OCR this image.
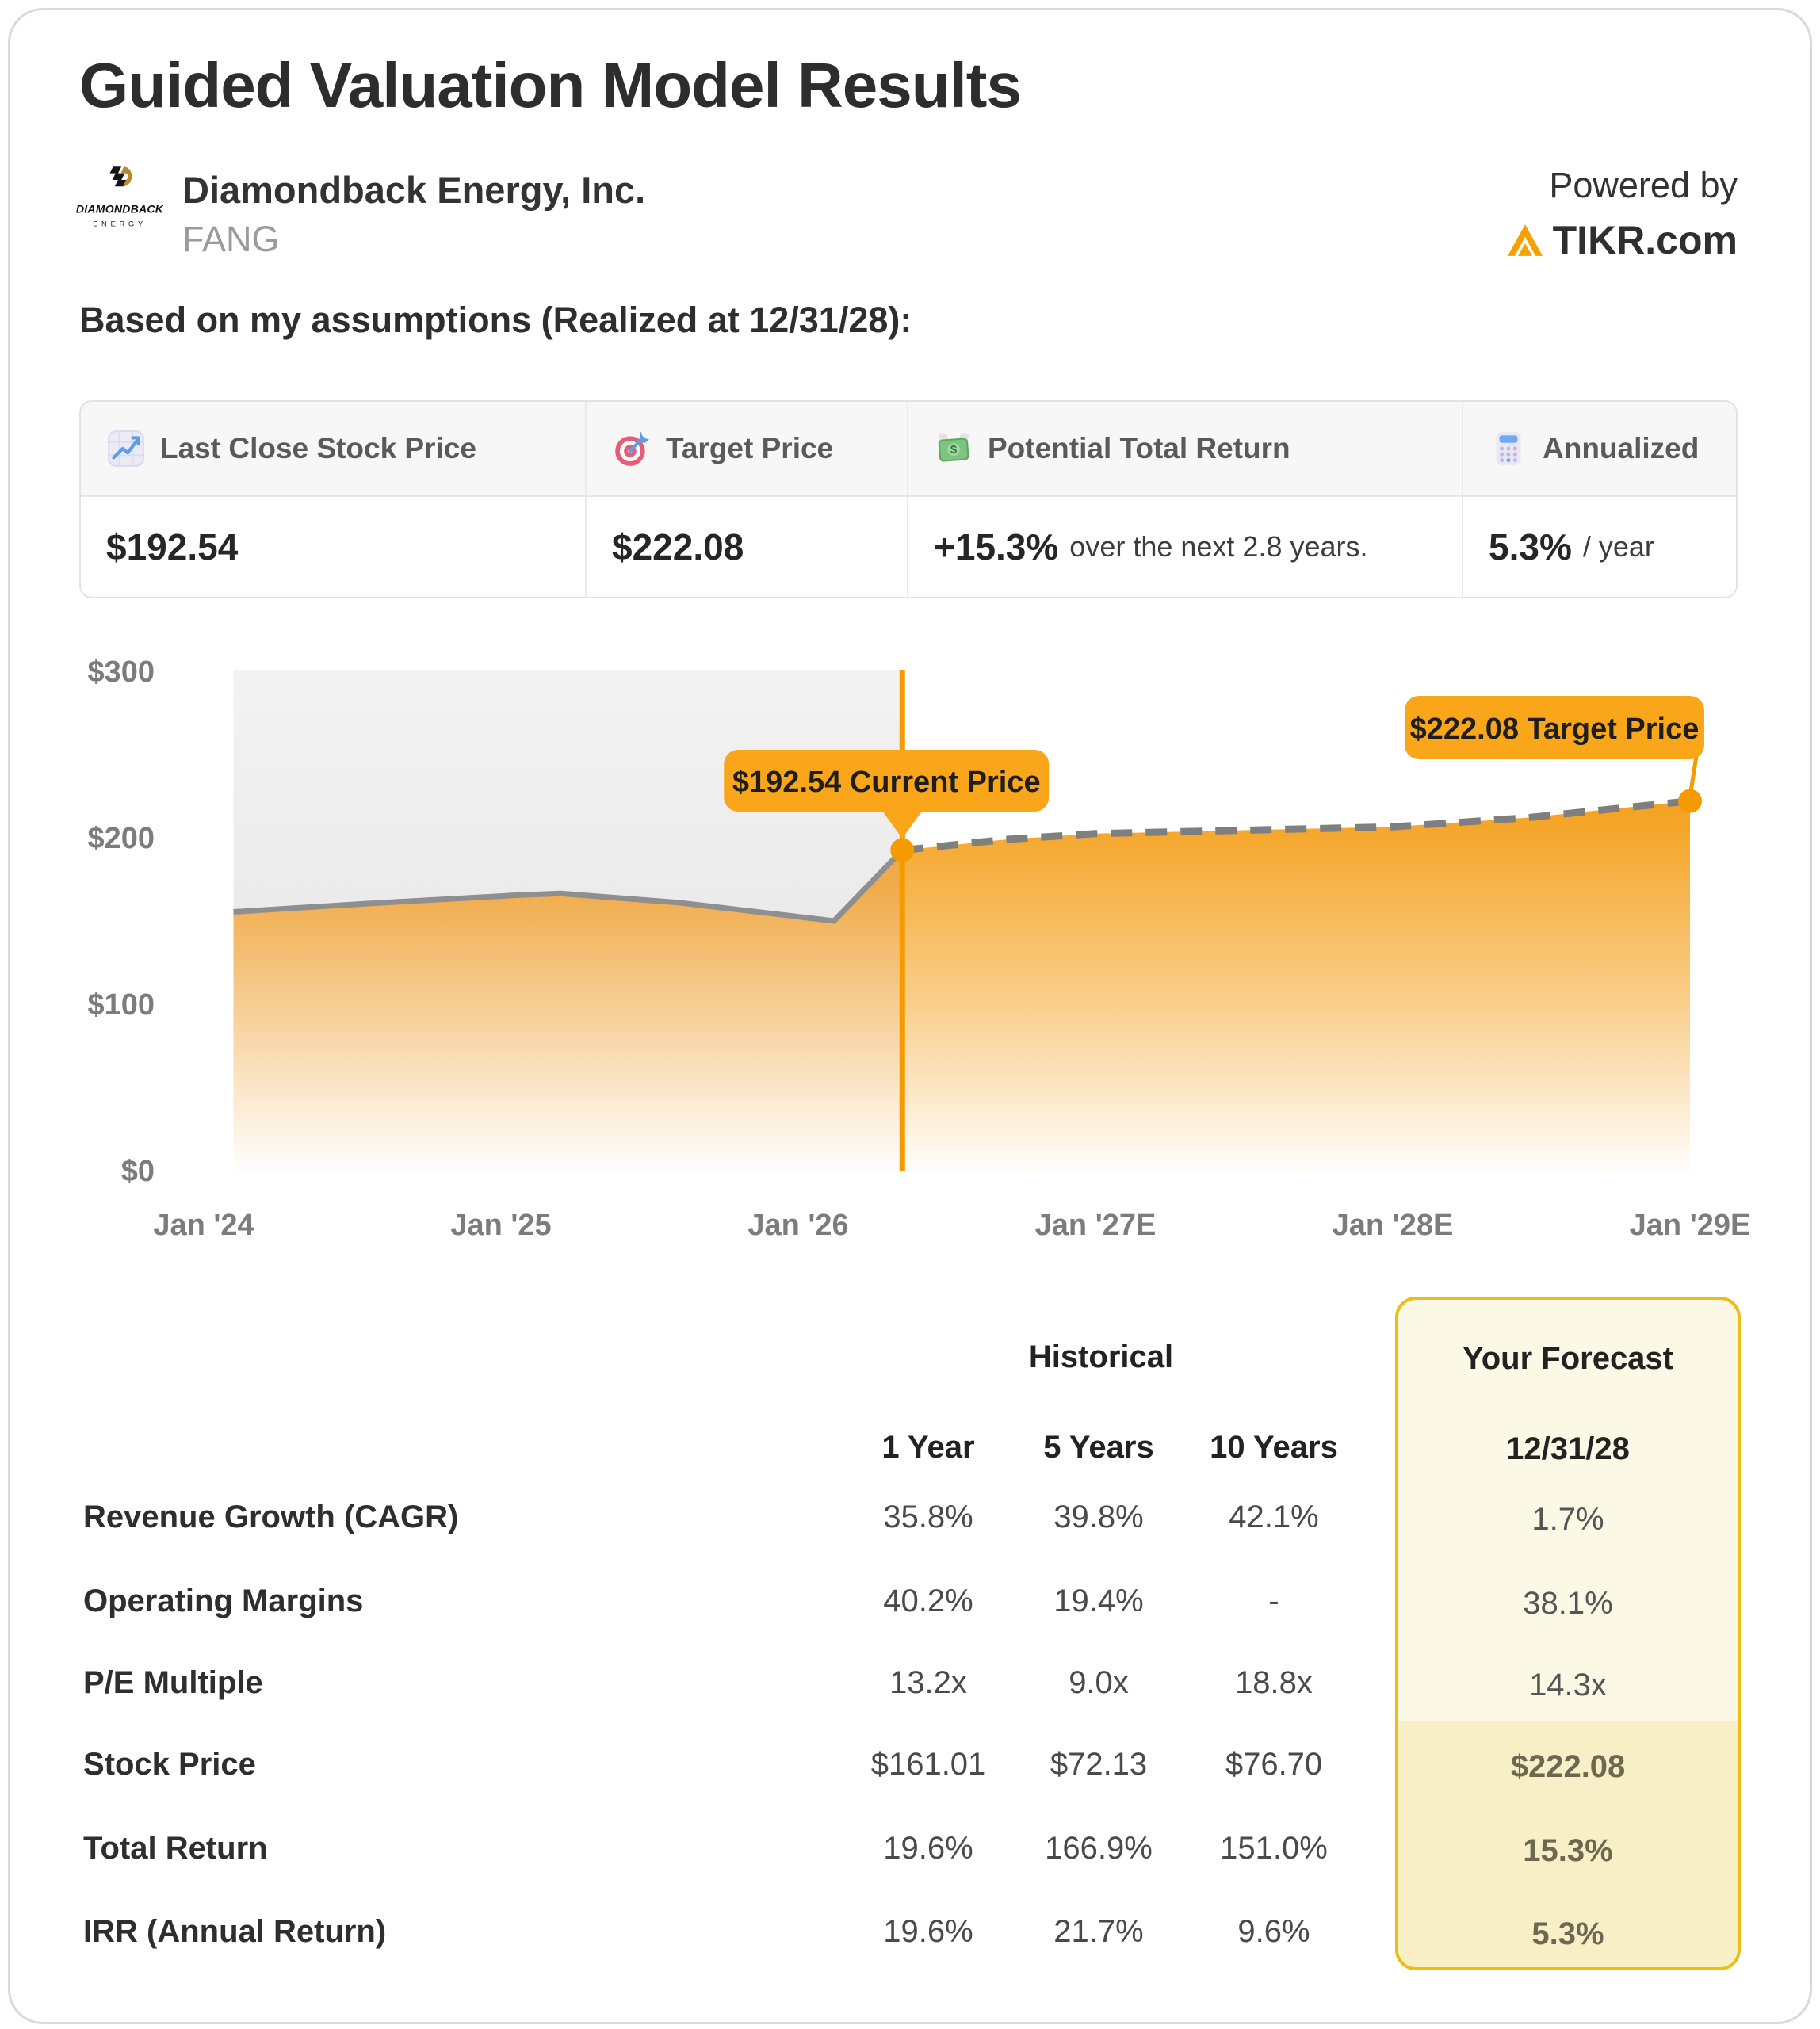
Guided Valuation Model Results
DIAMONDBACK
ENERGY
Diamondback Energy, Inc.
FANG
Powered by
TIKR.com
Based on my assumptions (Realized at 12/31/28):
Last Close Stock Price	Target Price	$ Potential Total Return	Annualized
$192.54	$222.08	+15.3% over the next 2.8 years.	5.3% / year
$0
$100
$200
$300
Jan '24	Jan '25	Jan '26	Jan '27E	Jan '28E	Jan '29E
$192.54 Current Price
$222.08 Target Price
Historical	Your Forecast
1 Year	5 Years	10 Years	12/31/28
Revenue Growth (CAGR)	35.8%	39.8%	42.1%	1.7%
Operating Margins	40.2%	19.4%	-	38.1%
P/E Multiple	13.2x	9.0x	18.8x	14.3x
Stock Price	$161.01	$72.13	$76.70	$222.08
Total Return	19.6%	166.9%	151.0%	15.3%
IRR (Annual Return)	19.6%	21.7%	9.6%	5.3%
